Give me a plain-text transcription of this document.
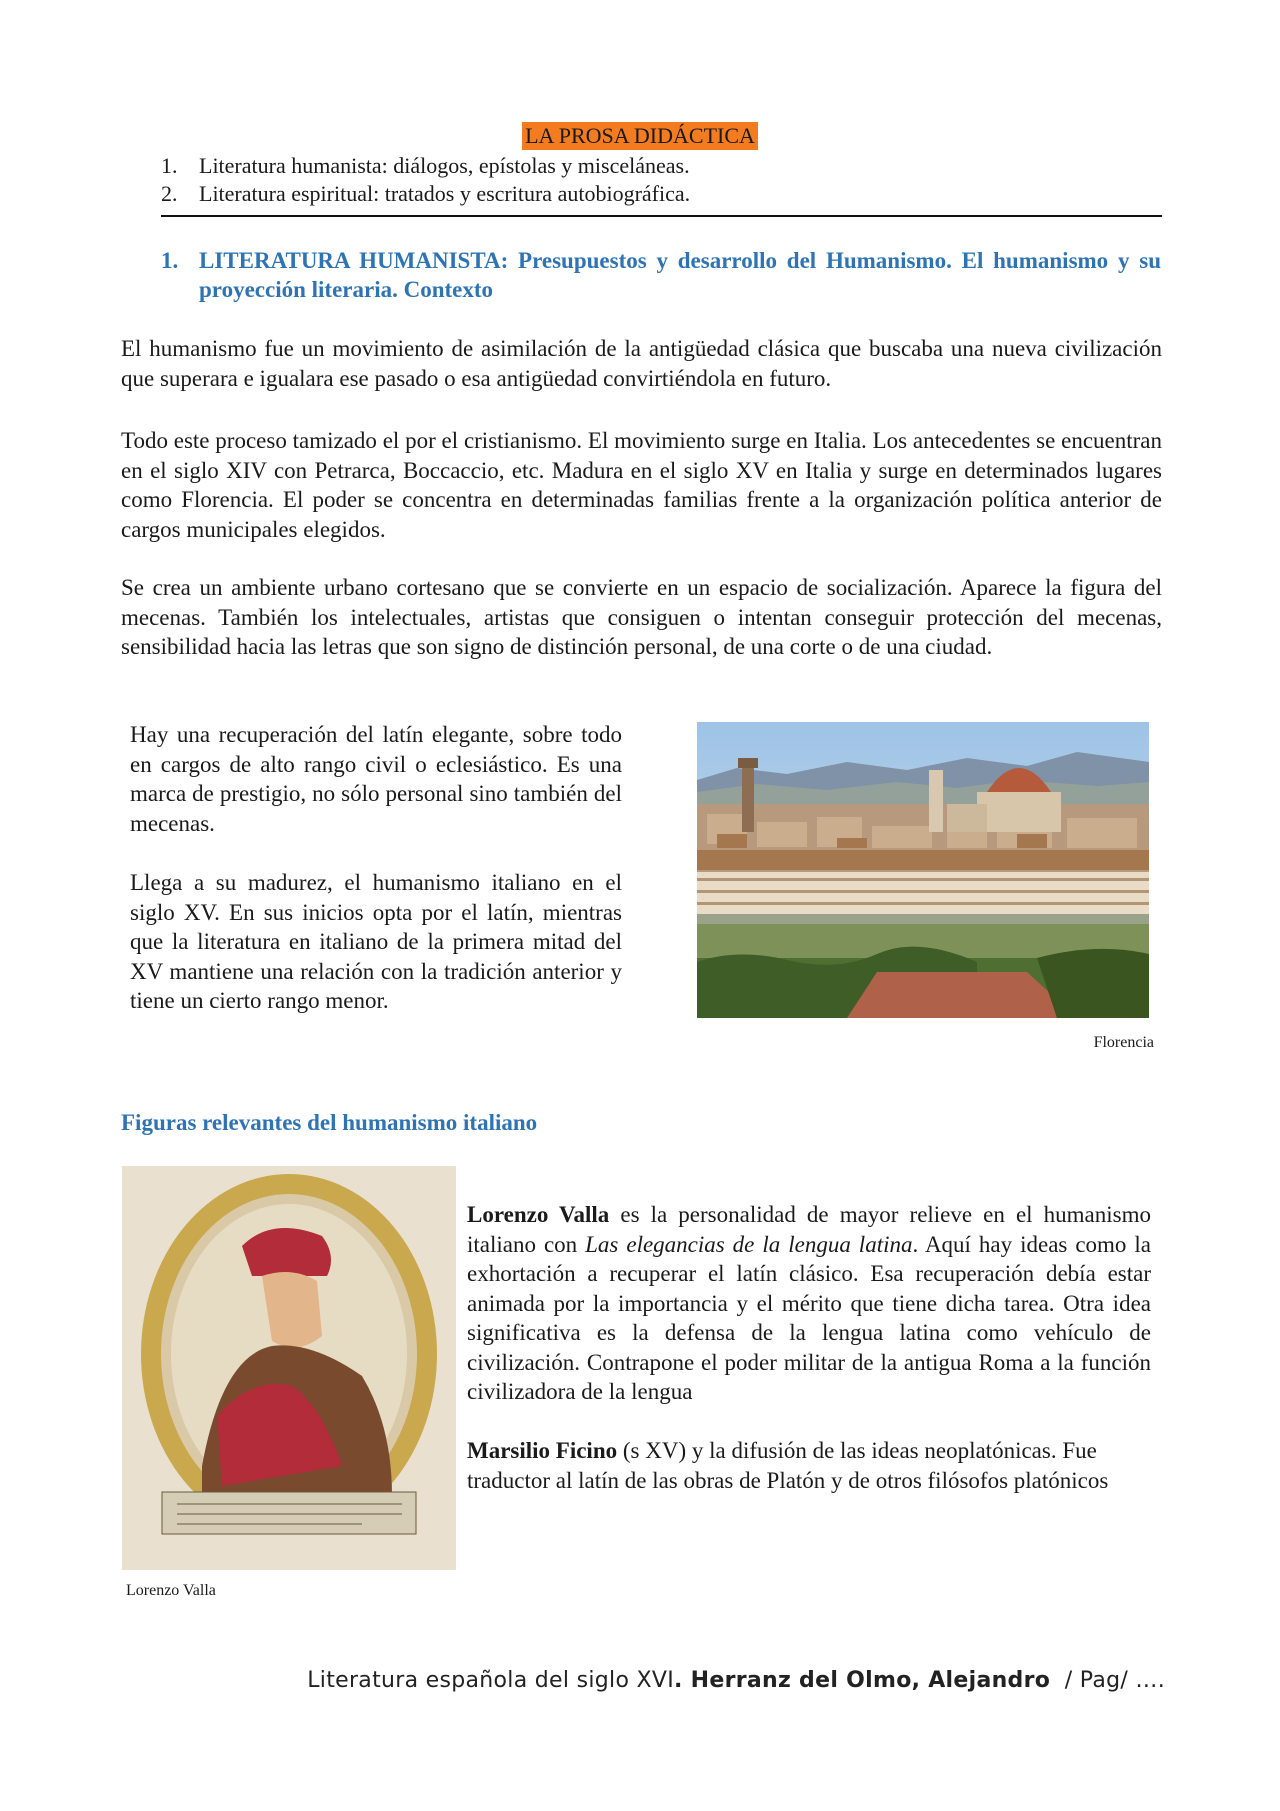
LA PROSA DIDÁCTICA
1. Literatura humanista: diálogos, epístolas y misceláneas.
2. Literatura espiritual: tratados y escritura autobiográfica.
1. LITERATURA HUMANISTA: Presupuestos y desarrollo del Humanismo. El humanismo y su proyección literaria. Contexto

El humanismo fue un movimiento de asimilación de la antigüedad clásica que buscaba una nueva civilización que superara e igualara ese pasado o esa antigüedad convirtiéndola en futuro.

Todo este proceso tamizado el por el cristianismo. El movimiento surge en Italia. Los antecedentes se encuentran en el siglo XIV con Petrarca, Boccaccio, etc. Madura en el siglo XV en Italia y surge en determinados lugares como Florencia. El poder se concentra en determinadas familias frente a la organización política anterior de cargos municipales elegidos.

Se crea un ambiente urbano cortesano que se convierte en un espacio de socialización. Aparece la figura del mecenas. También los intelectuales, artistas que consiguen o intentan conseguir protección del mecenas, sensibilidad hacia las letras que son signo de distinción personal, de una corte o de una ciudad.

Hay una recuperación del latín elegante, sobre todo en cargos de alto rango civil o eclesiástico. Es una marca de prestigio, no sólo personal sino también del mecenas.

Llega a su madurez, el humanismo italiano en el siglo XV. En sus inicios opta por el latín, mientras que la literatura en italiano de la primera mitad del XV mantiene una relación con la tradición anterior y tiene un cierto rango menor.

Florencia
Figuras relevantes del humanismo italiano
Lorenzo Valla

Lorenzo Valla es la personalidad de mayor relieve en el humanismo italiano con Las elegancias de la lengua latina. Aquí hay ideas como la exhortación a recuperar el latín clásico. Esa recuperación debía estar animada por la importancia y el mérito que tiene dicha tarea. Otra idea significativa es la defensa de la lengua latina como vehículo de civilización. Contrapone el poder militar de la antigua Roma a la función civilizadora de la lengua

Marsilio Ficino (s XV) y la difusión de las ideas neoplatónicas. Fue traductor al latín de las obras de Platón y de otros filósofos platónicos

Literatura española del siglo XVI. Herranz del Olmo, Alejandro / Pag/ ….
